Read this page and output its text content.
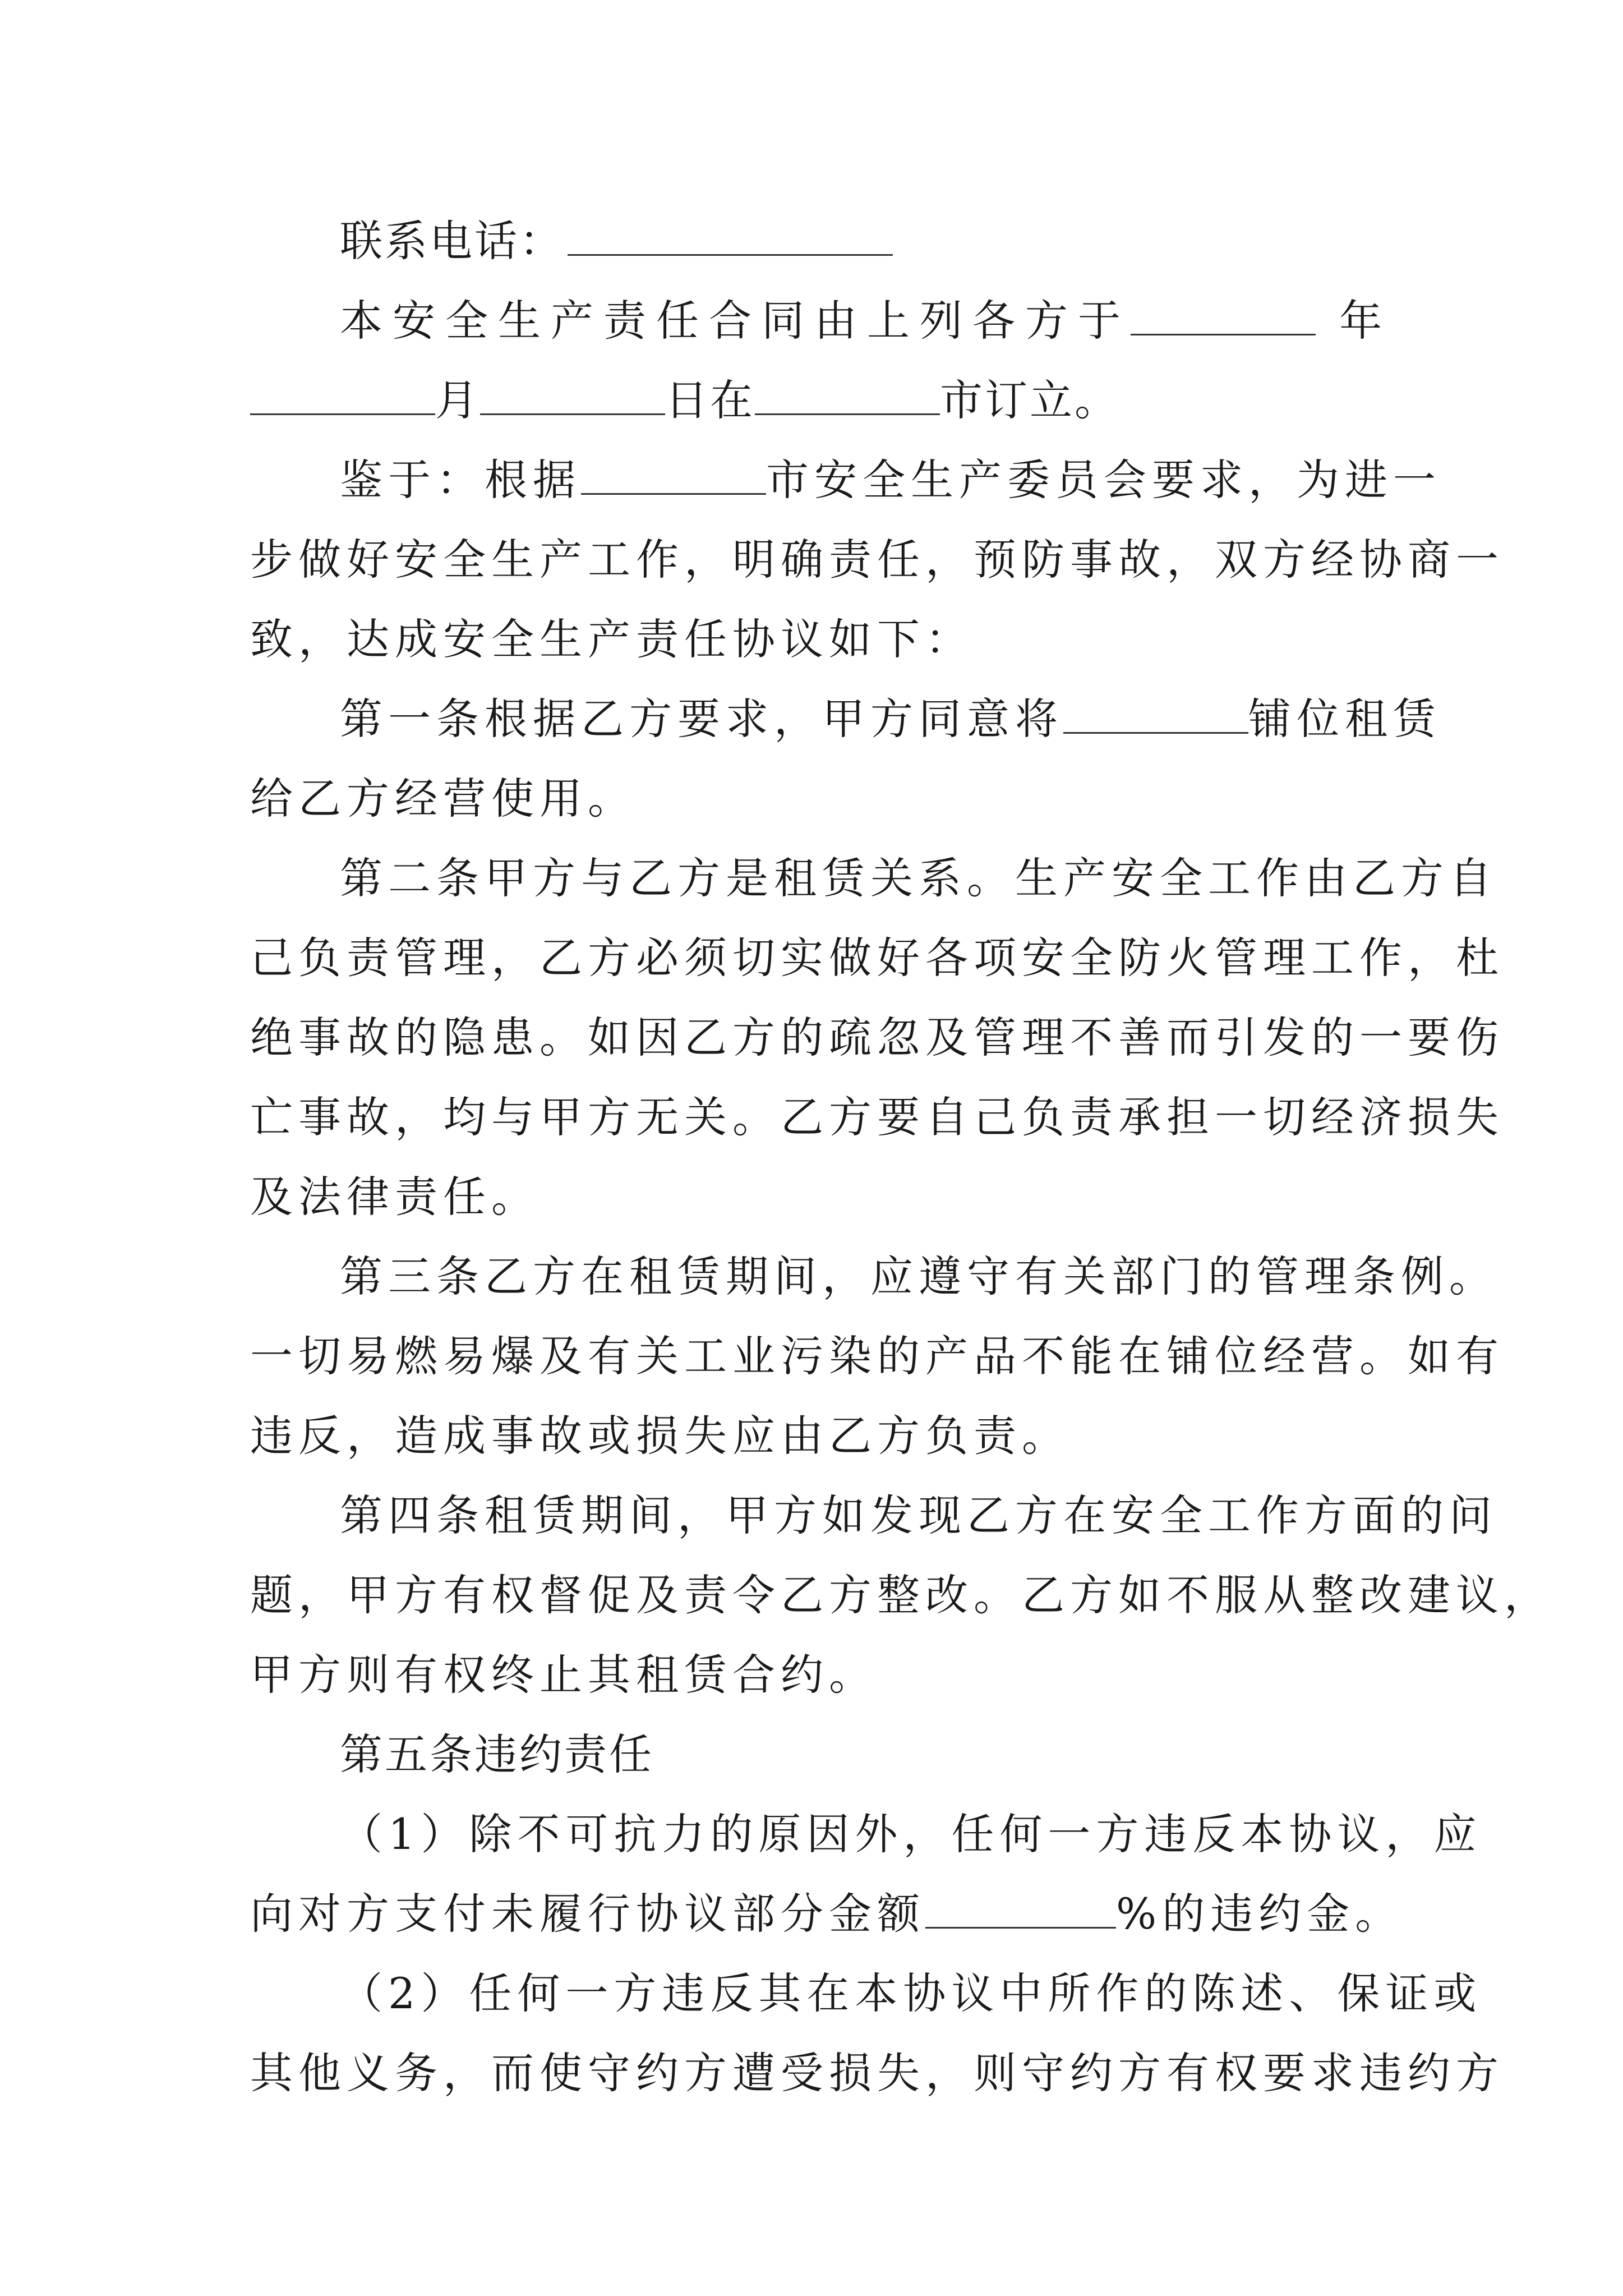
联系电话：
本安全生产责任合同由上列各方于	年
月	日在	市订立。
鉴于：根据	市安全生产委员会要求，为进一
步做好安全生产工作，明确责任，预防事故，双方经协商一
致，达成安全生产责任协议如下：
第一条根据乙方要求，甲方同意将	铺位租赁
给乙方经营使用。
第二条甲方与乙方是租赁关系。生产安全工作由乙方自
己负责管理，乙方必须切实做好各项安全防火管理工作，杜
绝事故的隐患。如因乙方的疏忽及管理不善而引发的一要伤
亡事故，均与甲方无关。乙方要自己负责承担一切经济损失
及法律责任。
第三条乙方在租赁期间，应遵守有关部门的管理条例。
一切易燃易爆及有关工业污染的产品不能在铺位经营。如有
违反，造成事故或损失应由乙方负责。
第四条租赁期间，甲方如发现乙方在安全工作方面的问
题，甲方有权督促及责令乙方整改。乙方如不服从整改建议，
甲方则有权终止其租赁合约。
第五条违约责任
（1）除不可抗力的原因外，任何一方违反本协议，应
向对方支付未履行协议部分金额	%的违约金。
（2）任何一方违反其在本协议中所作的陈述、保证或
其他义务，而使守约方遭受损失，则守约方有权要求违约方
